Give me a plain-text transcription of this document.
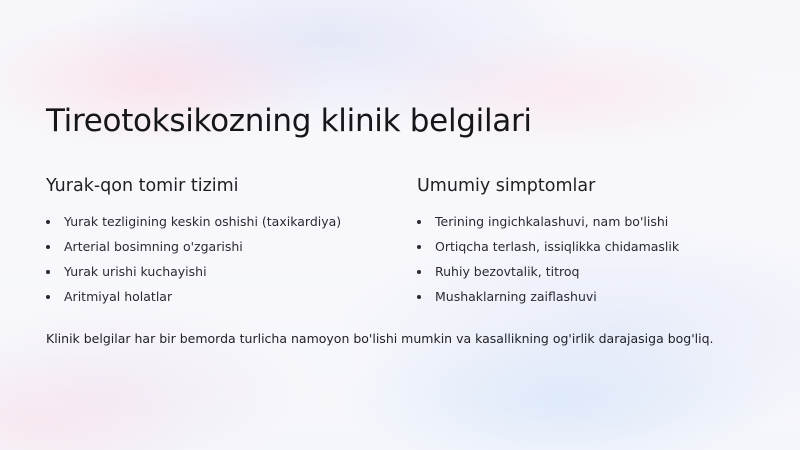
Tireotoksikozning klinik belgilari
Yurak-qon tomir tizimi
Yurak tezligining keskin oshishi (taxikardiya)
Arterial bosimning o'zgarishi
Yurak urishi kuchayishi
Aritmiyal holatlar
Umumiy simptomlar
Terining ingichkalashuvi, nam bo'lishi
Ortiqcha terlash, issiqlikka chidamaslik
Ruhiy bezovtalik, titroq
Mushaklarning zaiflashuvi

Klinik belgilar har bir bemorda turlicha namoyon bo'lishi mumkin va kasallikning og'irlik darajasiga bog'liq.
